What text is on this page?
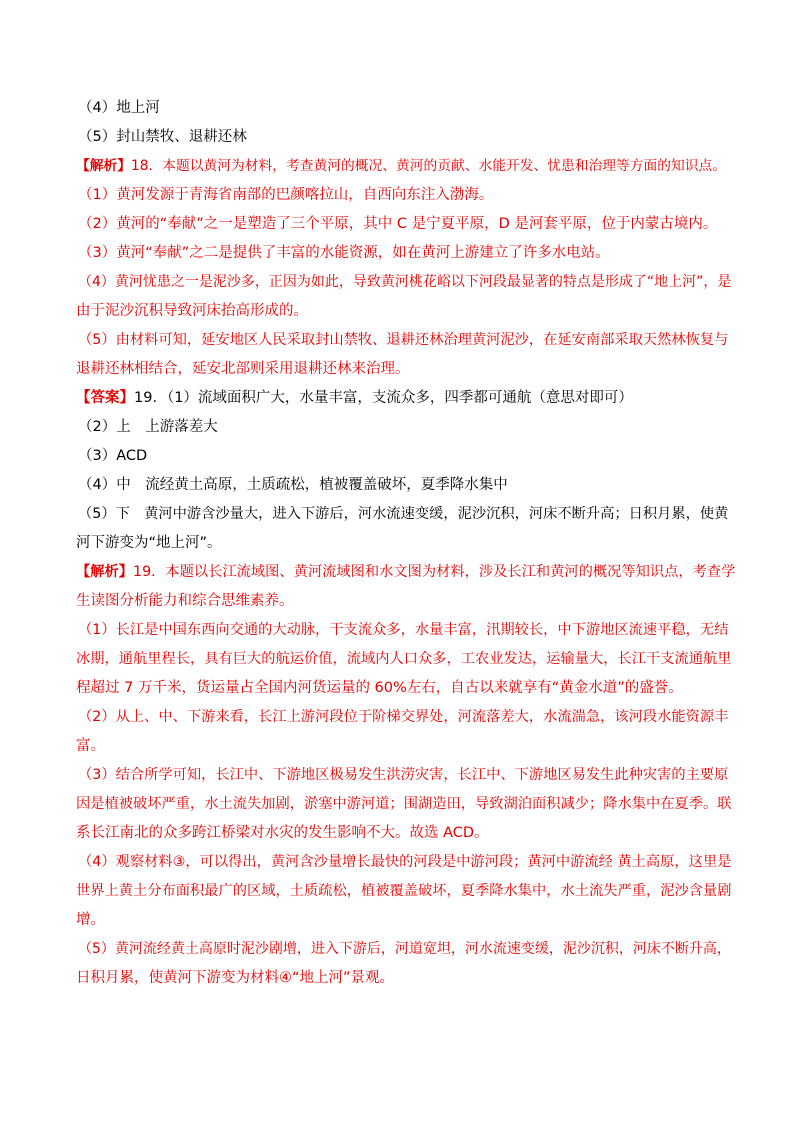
（4）地上河
（5）封山禁牧、退耕还林
【解析】18．本题以黄河为材料，考查黄河的概况、黄河的贡献、水能开发、忧患和治理等方面的知识点。
（1）黄河发源于青海省南部的巴颜喀拉山，自西向东注入渤海。
（2）黄河的“奉献”之一是塑造了三个平原，其中 C 是宁夏平原，D 是河套平原，位于内蒙古境内。
（3）黄河“奉献”之二是提供了丰富的水能资源，如在黄河上游建立了许多水电站。
（4）黄河忧患之一是泥沙多，正因为如此，导致黄河桃花峪以下河段最显著的特点是形成了“地上河”，是
由于泥沙沉积导致河床抬高形成的。
（5）由材料可知，延安地区人民采取封山禁牧、退耕还林治理黄河泥沙，在延安南部采取天然林恢复与
退耕还林相结合，延安北部则采用退耕还林来治理。
【答案】19．（1）流域面积广大，水量丰富，支流众多，四季都可通航（意思对即可）
（2）上　上游落差大
（3）ACD
（4）中　流经黄土高原，土质疏松，植被覆盖破坏，夏季降水集中
（5）下　黄河中游含沙量大，进入下游后，河水流速变缓，泥沙沉积，河床不断升高；日积月累，使黄
河下游变为“地上河”。
【解析】19．本题以长江流域图、黄河流域图和水文图为材料，涉及长江和黄河的概况等知识点，考查学
生读图分析能力和综合思维素养。
（1）长江是中国东西向交通的大动脉，干支流众多，水量丰富，汛期较长，中下游地区流速平稳，无结
冰期，通航里程长，具有巨大的航运价值，流域内人口众多，工农业发达，运输量大，长江干支流通航里
程超过 7 万千米，货运量占全国内河货运量的 60%左右，自古以来就享有“黄金水道”的盛誉。
（2）从上、中、下游来看，长江上游河段位于阶梯交界处，河流落差大，水流湍急，该河段水能资源丰
富。
（3）结合所学可知，长江中、下游地区极易发生洪涝灾害，长江中、下游地区易发生此种灾害的主要原
因是植被破坏严重，水土流失加剧，淤塞中游河道；围湖造田，导致湖泊面积减少；降水集中在夏季。联
系长江南北的众多跨江桥梁对水灾的发生影响不大。故选 ACD。
（4）观察材料③，可以得出，黄河含沙量增长最快的河段是中游河段；黄河中游流经 黄土高原，这里是
世界上黄土分布面积最广的区域，土质疏松，植被覆盖破坏，夏季降水集中，水土流失严重，泥沙含量剧
增。
（5）黄河流经黄土高原时泥沙剧增，进入下游后，河道宽坦，河水流速变缓，泥沙沉积，河床不断升高，
日积月累，使黄河下游变为材料④“地上河”景观。
